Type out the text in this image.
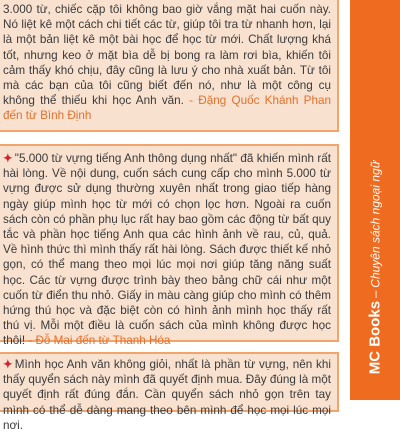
3.000 từ, chiếc cặp tôi không bao giờ vắng mặt hai cuốn này. Nó liệt kê một cách chi tiết các từ, giúp tôi tra từ nhanh hơn, lại là một bản liệt kê một bài học để học từ mới. Chất lượng khá tốt, nhưng keo ở mặt bìa dễ bị bong ra làm rơi bìa, khiến tôi cảm thấy khó chịu, đây cũng là lưu ý cho nhà xuất bản. Từ tôi mà các bạn của tôi cũng biết đến nó, như là một công cụ không thể thiếu khi học Anh văn. - Đặng Quốc Khánh Phan đến từ Bình Định

✦ "5.000 từ vựng tiếng Anh thông dụng nhất" đã khiến mình rất hài lòng. Về nội dung, cuốn sách cung cấp cho mình 5.000 từ vựng được sử dụng thường xuyên nhất trong giao tiếp hàng ngày giúp mình học từ mới có chọn lọc hơn. Ngoài ra cuốn sách còn có phần phụ lục rất hay bao gồm các động từ bất quy tắc và phần học tiếng Anh qua các hình ảnh về rau, củ, quả. Về hình thức thì mình thấy rất hài lòng. Sách được thiết kế nhỏ gọn, có thể mang theo mọi lúc mọi nơi giúp tăng năng suất học. Các từ vựng được trình bày theo bảng chữ cái như một cuốn từ điển thu nhỏ. Giấy in màu càng giúp cho mình có thêm hứng thú học và đặc biệt còn có hình ảnh mình học thấy rất thú vị. Mỗi một điều là cuốn sách của mình không được học thôi! - Đỗ Mai đến từ Thanh Hóa

✦ Mình học Anh văn không giỏi, nhất là phần từ vựng, nên khi thấy quyển sách này mình đã quyết định mua. Đây đúng là một quyết định rất đúng đắn. Cần quyển sách nhỏ gọn trên tay mình có thể dễ dàng mang theo bên mình để học mọi lúc mọi nơi.

MC Books–Chuyên sách ngoại ngữ
